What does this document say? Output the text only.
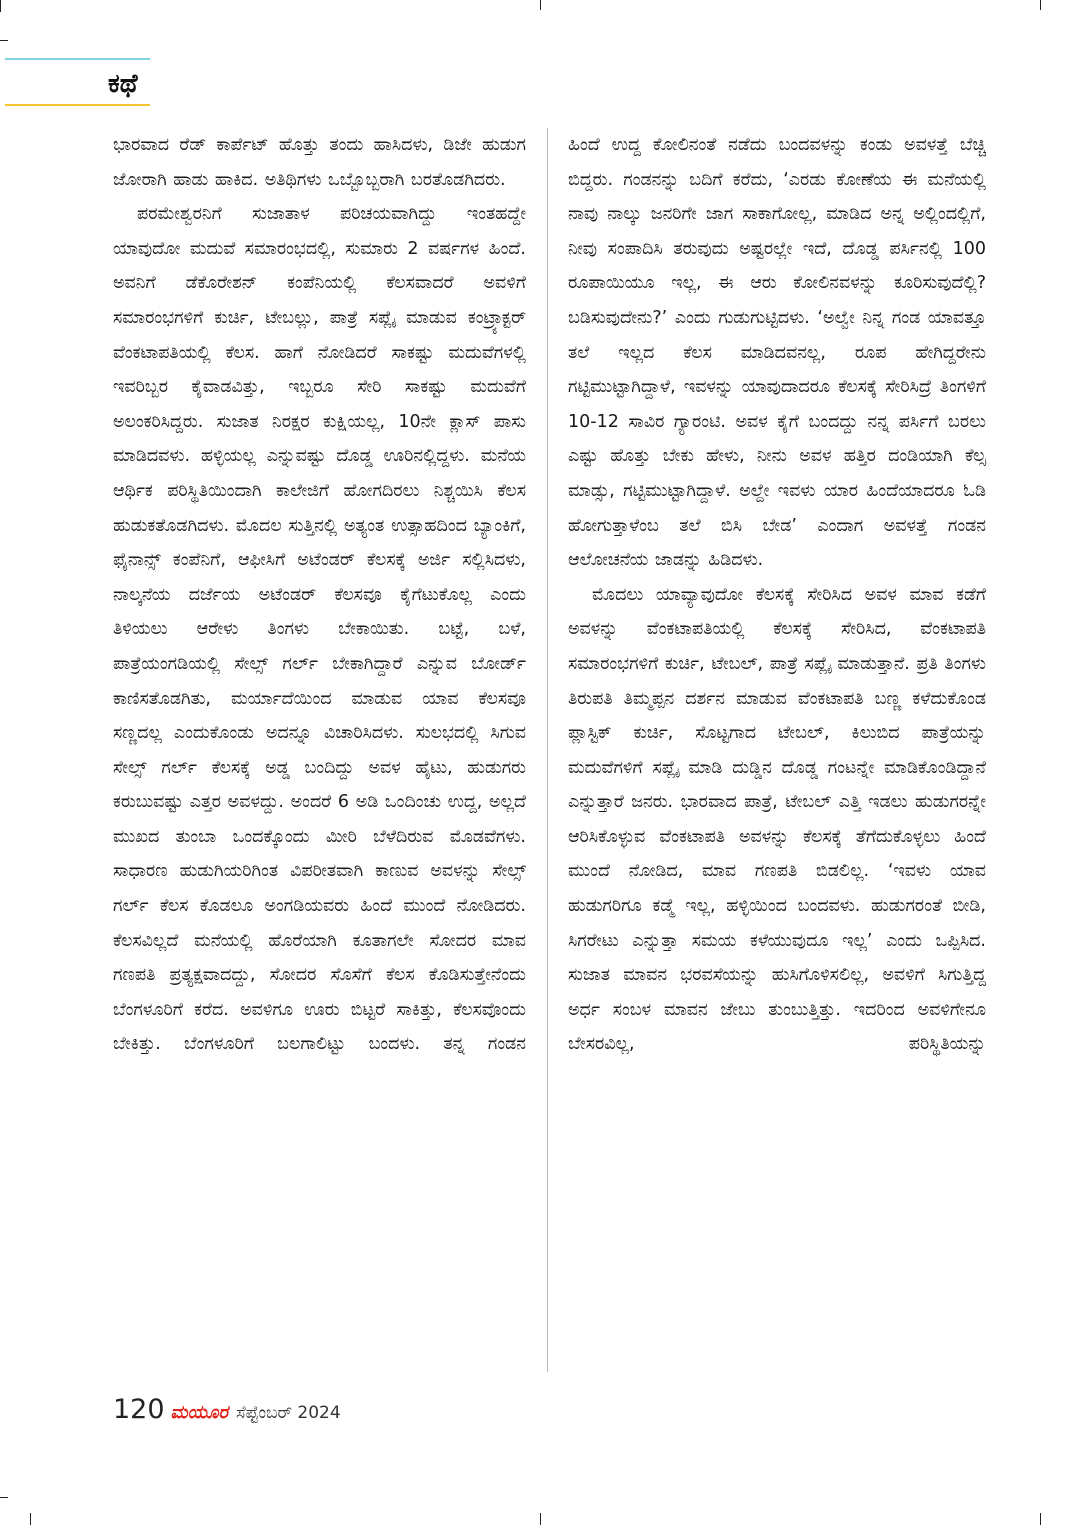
ಕಥೆ

ಭಾರವಾದ ರೆಡ್ ಕಾರ್ಪೆಟ್ ಹೊತ್ತು ತಂದು ಹಾಸಿದಳು, ಡಿಜೇ ಹುಡುಗ ಜೋರಾಗಿ ಹಾಡು ಹಾಕಿದ. ಅತಿಥಿಗಳು ಒಬ್ಬೊಬ್ಬರಾಗಿ ಬರತೊಡಗಿದರು.

ಪರಮೇಶ್ವರನಿಗೆ ಸುಜಾತಾಳ ಪರಿಚಯವಾಗಿದ್ದು ಇಂತಹದ್ದೇ ಯಾವುದೋ ಮದುವೆ ಸಮಾರಂಭದಲ್ಲಿ, ಸುಮಾರು 2 ವರ್ಷಗಳ ಹಿಂದೆ. ಅವನಿಗೆ ಡೆಕೊರೇಶನ್ ಕಂಪೆನಿಯಲ್ಲಿ ಕೆಲಸವಾದರೆ ಅವಳಿಗೆ ಸಮಾರಂಭಗಳಿಗೆ ಕುರ್ಚಿ, ಟೇಬಲ್ಲು, ಪಾತ್ರೆ ಸಪ್ಲೈ ಮಾಡುವ ಕಂಟ್ರ್ಯಾಕ್ಟರ್ ವೆಂಕಟಾಪತಿಯಲ್ಲಿ ಕೆಲಸ. ಹಾಗೆ ನೋಡಿದರೆ ಸಾಕಷ್ಟು ಮದುವೆಗಳಲ್ಲಿ ಇವರಿಬ್ಬರ ಕೈವಾಡವಿತ್ತು, ಇಬ್ಬರೂ ಸೇರಿ ಸಾಕಷ್ಟು ಮದುವೆಗೆ ಅಲಂಕರಿಸಿದ್ದರು. ಸುಜಾತ ನಿರಕ್ಷರ ಕುಕ್ಷಿಯಲ್ಲ, 10ನೇ ಕ್ಲಾಸ್ ಪಾಸು ಮಾಡಿದವಳು. ಹಳ್ಳಿಯಲ್ಲ ಎನ್ನುವಷ್ಟು ದೊಡ್ಡ ಊರಿನಲ್ಲಿದ್ದಳು. ಮನೆಯ ಆರ್ಥಿಕ ಪರಿಸ್ಥಿತಿಯಿಂದಾಗಿ ಕಾಲೇಜಿಗೆ ಹೋಗದಿರಲು ನಿಶ್ಚಯಿಸಿ ಕೆಲಸ ಹುಡುಕತೊಡಗಿದಳು. ಮೊದಲ ಸುತ್ತಿನಲ್ಲಿ ಅತ್ಯಂತ ಉತ್ಸಾಹದಿಂದ ಬ್ಯಾಂಕಿಗೆ, ಫೈನಾನ್ಸ್ ಕಂಪೆನಿಗೆ, ಆಫೀಸಿಗೆ ಅಟೆಂಡರ್ ಕೆಲಸಕ್ಕೆ ಅರ್ಜಿ ಸಲ್ಲಿಸಿದಳು, ನಾಲ್ಕನೆಯ ದರ್ಜೆಯ ಅಟೆಂಡರ್ ಕೆಲಸವೂ ಕೈಗೆಟುಕೊಲ್ಲ ಎಂದು ತಿಳಿಯಲು ಆರೇಳು ತಿಂಗಳು ಬೇಕಾಯಿತು. ಬಟ್ಟೆ, ಬಳೆ, ಪಾತ್ರೆಯಂಗಡಿಯಲ್ಲಿ ಸೇಲ್ಸ್ ಗರ್ಲ್ ಬೇಕಾಗಿದ್ದಾರೆ ಎನ್ನುವ ಬೋರ್ಡ್ ಕಾಣಿಸತೊಡಗಿತು, ಮರ್ಯಾದೆಯಿಂದ ಮಾಡುವ ಯಾವ ಕೆಲಸವೂ ಸಣ್ಣದಲ್ಲ ಎಂದುಕೊಂಡು ಅದನ್ನೂ ವಿಚಾರಿಸಿದಳು. ಸುಲಭದಲ್ಲಿ ಸಿಗುವ ಸೇಲ್ಸ್ ಗರ್ಲ್ ಕೆಲಸಕ್ಕೆ ಅಡ್ಡ ಬಂದಿದ್ದು ಅವಳ ಹೈಟು, ಹುಡುಗರು ಕರುಬುವಷ್ಟು ಎತ್ತರ ಅವಳದ್ದು. ಅಂದರೆ 6 ಅಡಿ ಒಂದಿಂಚು ಉದ್ದ, ಅಲ್ಲದೆ ಮುಖದ ತುಂಬಾ ಒಂದಕ್ಕೊಂದು ಮೀರಿ ಬೆಳೆದಿರುವ ಮೊಡವೆಗಳು. ಸಾಧಾರಣ ಹುಡುಗಿಯರಿಗಿಂತ ವಿಪರೀತವಾಗಿ ಕಾಣುವ ಅವಳನ್ನು ಸೇಲ್ಸ್ ಗರ್ಲ್ ಕೆಲಸ ಕೊಡಲೂ ಅಂಗಡಿಯವರು ಹಿಂದೆ ಮುಂದೆ ನೋಡಿದರು. ಕೆಲಸವಿಲ್ಲದೆ ಮನೆಯಲ್ಲಿ ಹೊರೆಯಾಗಿ ಕೂತಾಗಲೇ ಸೋದರ ಮಾವ ಗಣಪತಿ ಪ್ರತ್ಯಕ್ಷವಾದದ್ದು, ಸೋದರ ಸೊಸೆಗೆ ಕೆಲಸ ಕೊಡಿಸುತ್ತೇನೆಂದು ಬೆಂಗಳೂರಿಗೆ ಕರೆದ. ಅವಳಿಗೂ ಊರು ಬಿಟ್ಟರೆ ಸಾಕಿತ್ತು, ಕೆಲಸವೊಂದು ಬೇಕಿತ್ತು. ಬೆಂಗಳೂರಿಗೆ ಬಲಗಾಲಿಟ್ಟು ಬಂದಳು. ತನ್ನ ಗಂಡನ

ಹಿಂದೆ ಉದ್ದ ಕೋಲಿನಂತೆ ನಡೆದು ಬಂದವಳನ್ನು ಕಂಡು ಅವಳತ್ತೆ ಬೆಚ್ಚಿ ಬಿದ್ದರು. ಗಂಡನನ್ನು ಬದಿಗೆ ಕರೆದು, ‘ಎರಡು ಕೋಣೆಯ ಈ ಮನೆಯಲ್ಲಿ ನಾವು ನಾಲ್ಕು ಜನರಿಗೇ ಜಾಗ ಸಾಕಾಗೋಲ್ಲ, ಮಾಡಿದ ಅನ್ನ ಅಲ್ಲಿಂದಲ್ಲಿಗೆ, ನೀವು ಸಂಪಾದಿಸಿ ತರುವುದು ಅಷ್ಟರಲ್ಲೇ ಇದೆ, ದೊಡ್ಡ ಪರ್ಸಿನಲ್ಲಿ 100 ರೂಪಾಯಿಯೂ ಇಲ್ಲ, ಈ ಆರು ಕೋಲಿನವಳನ್ನು ಕೂರಿಸುವುದೆಲ್ಲಿ? ಬಡಿಸುವುದೇನು?’ ಎಂದು ಗುಡುಗುಟ್ಟಿದಳು. ‘ಅಲ್ವೇ ನಿನ್ನ ಗಂಡ ಯಾವತ್ತೂ ತಲೆ ಇಲ್ಲದ ಕೆಲಸ ಮಾಡಿದವನಲ್ಲ, ರೂಪ ಹೇಗಿದ್ದರೇನು ಗಟ್ಟಿಮುಟ್ಟಾಗಿದ್ದಾಳೆ, ಇವಳನ್ನು ಯಾವುದಾದರೂ ಕೆಲಸಕ್ಕೆ ಸೇರಿಸಿದ್ರೆ ತಿಂಗಳಿಗೆ 10-12 ಸಾವಿರ ಗ್ಯಾರಂಟಿ. ಅವಳ ಕೈಗೆ ಬಂದದ್ದು ನನ್ನ ಪರ್ಸಿಗೆ ಬರಲು ಎಷ್ಟು ಹೊತ್ತು ಬೇಕು ಹೇಳು, ನೀನು ಅವಳ ಹತ್ತಿರ ದಂಡಿಯಾಗಿ ಕೆಲ್ಸ ಮಾಡ್ಸು, ಗಟ್ಟಿಮುಟ್ಟಾಗಿದ್ದಾಳೆ. ಅಲ್ದೇ ಇವಳು ಯಾರ ಹಿಂದೆಯಾದರೂ ಓಡಿ ಹೋಗುತ್ತಾಳೆಂಬ ತಲೆ ಬಿಸಿ ಬೇಡ’ ಎಂದಾಗ ಅವಳತ್ತೆ ಗಂಡನ ಆಲೋಚನೆಯ ಜಾಡನ್ನು ಹಿಡಿದಳು.

ಮೊದಲು ಯಾವ್ಯಾವುದೋ ಕೆಲಸಕ್ಕೆ ಸೇರಿಸಿದ ಅವಳ ಮಾವ ಕಡೆಗೆ ಅವಳನ್ನು ವೆಂಕಟಾಪತಿಯಲ್ಲಿ ಕೆಲಸಕ್ಕೆ ಸೇರಿಸಿದ, ವೆಂಕಟಾಪತಿ ಸಮಾರಂಭಗಳಿಗೆ ಕುರ್ಚಿ, ಟೇಬಲ್, ಪಾತ್ರೆ ಸಪ್ಲೈ ಮಾಡುತ್ತಾನೆ. ಪ್ರತಿ ತಿಂಗಳು ತಿರುಪತಿ ತಿಮ್ಮಪ್ಪನ ದರ್ಶನ ಮಾಡುವ ವೆಂಕಟಾಪತಿ ಬಣ್ಣ ಕಳೆದುಕೊಂಡ ಪ್ಲಾಸ್ಟಿಕ್ ಕುರ್ಚಿ, ಸೊಟ್ಟಗಾದ ಟೇಬಲ್, ಕಿಲುಬಿದ ಪಾತ್ರೆಯನ್ನು ಮದುವೆಗಳಿಗೆ ಸಪ್ಲೈ ಮಾಡಿ ದುಡ್ಡಿನ ದೊಡ್ಡ ಗಂಟನ್ನೇ ಮಾಡಿಕೊಂಡಿದ್ದಾನೆ ಎನ್ನುತ್ತಾರೆ ಜನರು. ಭಾರವಾದ ಪಾತ್ರೆ, ಟೇಬಲ್ ಎತ್ತಿ ಇಡಲು ಹುಡುಗರನ್ನೇ ಆರಿಸಿಕೊಳ್ಳುವ ವೆಂಕಟಾಪತಿ ಅವಳನ್ನು ಕೆಲಸಕ್ಕೆ ತೆಗೆದುಕೊಳ್ಳಲು ಹಿಂದೆ ಮುಂದೆ ನೋಡಿದ, ಮಾವ ಗಣಪತಿ ಬಿಡಲಿಲ್ಲ. ‘ಇವಳು ಯಾವ ಹುಡುಗರಿಗೂ ಕಡ್ಮೆ ಇಲ್ಲ, ಹಳ್ಳಿಯಿಂದ ಬಂದವಳು. ಹುಡುಗರಂತೆ ಬೀಡಿ, ಸಿಗರೇಟು ಎನ್ನುತ್ತಾ ಸಮಯ ಕಳೆಯುವುದೂ ಇಲ್ಲ’ ಎಂದು ಒಪ್ಪಿಸಿದ. ಸುಜಾತ ಮಾವನ ಭರವಸೆಯನ್ನು ಹುಸಿಗೊಳಿಸಲಿಲ್ಲ, ಅವಳಿಗೆ ಸಿಗುತ್ತಿದ್ದ ಅರ್ಧ ಸಂಬಳ ಮಾವನ ಜೇಬು ತುಂಬುತ್ತಿತ್ತು. ಇದರಿಂದ ಅವಳಿಗೇನೂ ಬೇಸರವಿಲ್ಲ, ಪರಿಸ್ಥಿತಿಯನ್ನು

120 ಮಯೂರ ಸೆಪ್ಟೆಂಬರ್ 2024
